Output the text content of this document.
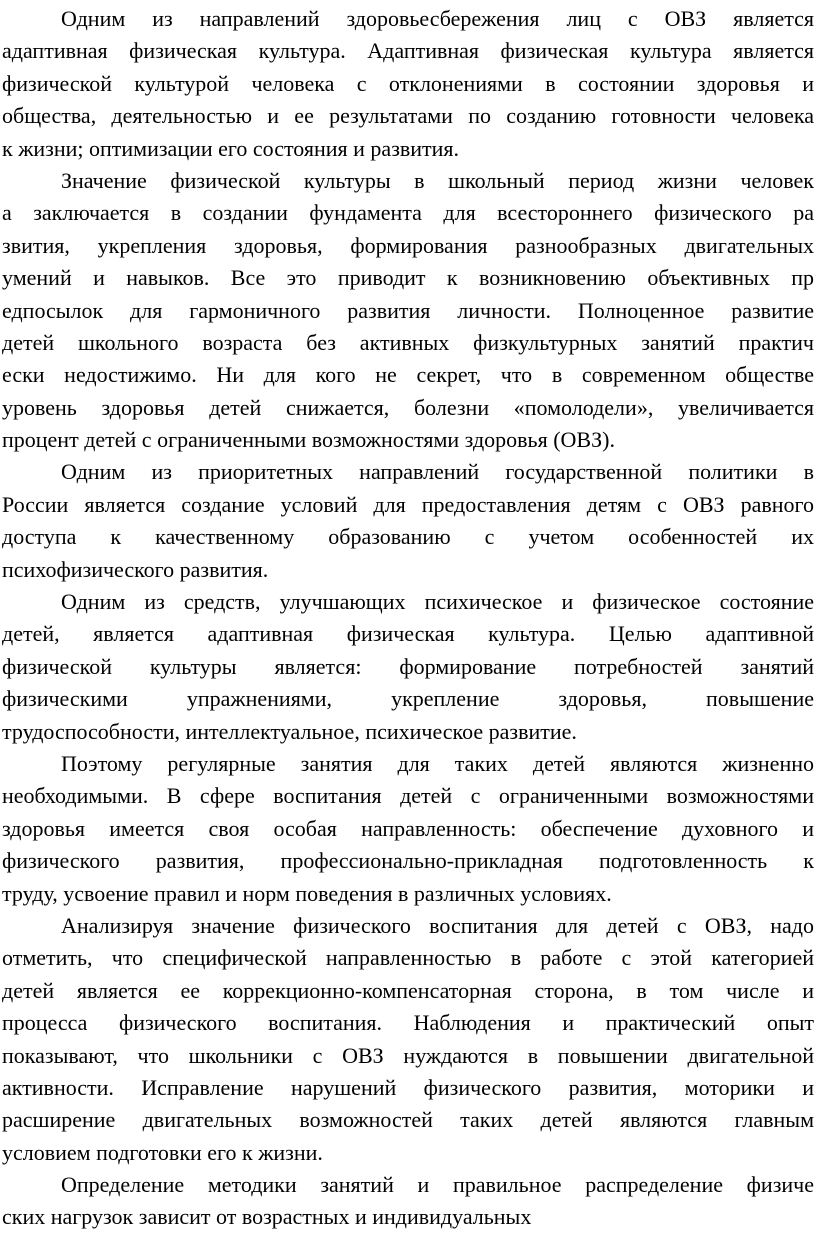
Одним из направлений здоровьесбережения лиц с ОВЗ является
адаптивная физическая культура. Адаптивная физическая культура является
физической культурой человека с отклонениями в состоянии здоровья и
общества, деятельностью и ее результатами по созданию готовности человека
к жизни; оптимизации его состояния и развития.
Значение физической культуры в школьный период жизни человек
а заключается в создании фундамента для всестороннего физического ра
звития, укрепления здоровья, формирования разнообразных двигательных
умений и навыков. Все это приводит к возникновению объективных пр
едпосылок для гармоничного развития личности. Полноценное развитие
детей школьного возраста без активных физкультурных занятий практич
ески недостижимо. Ни для кого не секрет, что в современном обществе
уровень здоровья детей снижается, болезни «помолодели», увеличивается
процент детей с ограниченными возможностями здоровья (ОВЗ).
Одним из приоритетных направлений государственной политики в
России является создание условий для предоставления детям с ОВЗ равного
доступа к качественному образованию с учетом особенностей их
психофизического развития.
Одним из средств, улучшающих психическое и физическое состояние
детей, является адаптивная физическая культура. Целью адаптивной
физической культуры является: формирование потребностей занятий
физическими упражнениями, укрепление здоровья, повышение
трудоспособности, интеллектуальное, психическое развитие.
Поэтому регулярные занятия для таких детей являются жизненно
необходимыми. В сфере воспитания детей с ограниченными возможностями
здоровья имеется своя особая направленность: обеспечение духовного и
физического развития, профессионально-прикладная подготовленность к
труду, усвоение правил и норм поведения в различных условиях.
Анализируя значение физического воспитания для детей с ОВЗ, надо
отметить, что специфической направленностью в работе с этой категорией
детей является ее коррекционно-компенсаторная сторона, в том числе и
процесса физического воспитания. Наблюдения и практический опыт
показывают, что школьники с ОВЗ нуждаются в повышении двигательной
активности. Исправление нарушений физического развития, моторики и
расширение двигательных возможностей таких детей являются главным
условием подготовки его к жизни.
Определение методики занятий и правильное распределение физиче
ских нагрузок зависит от возрастных и индивидуальных
